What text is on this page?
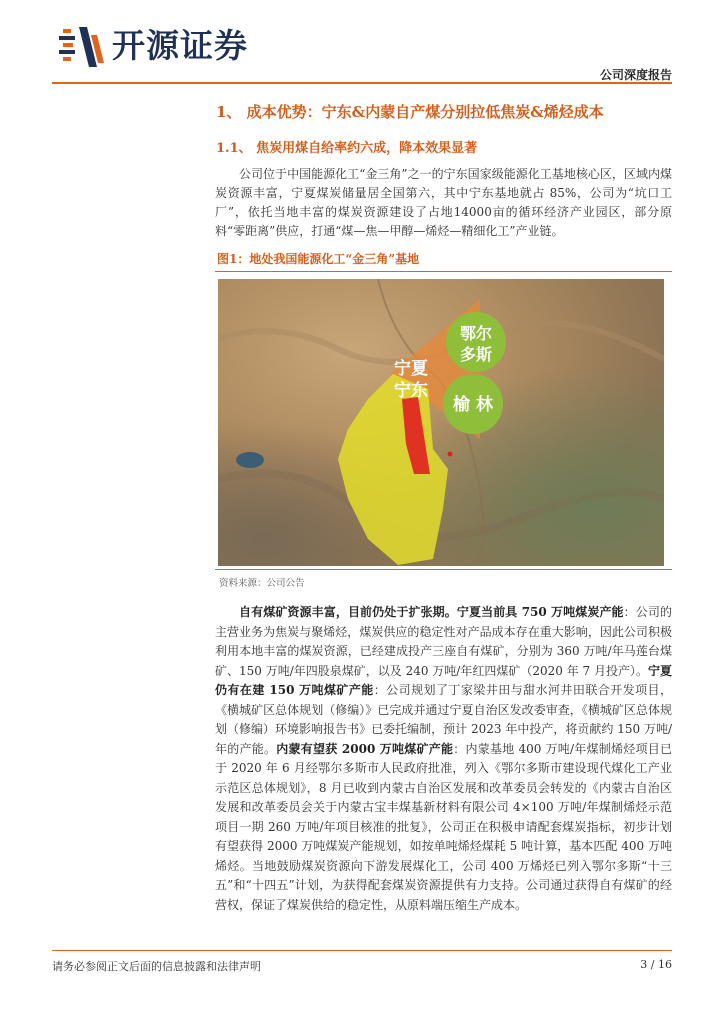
开源证券
公司深度报告
1、 成本优势：宁东&内蒙自产煤分别拉低焦炭&烯烃成本
1.1、 焦炭用煤自给率约六成，降本效果显著
公司位于中国能源化工“金三角”之一的宁东国家级能源化工基地核心区，区域内煤炭资源丰富，宁夏煤炭储量居全国第六，其中宁东基地就占 85%，公司为“坑口工厂”，依托当地丰富的煤炭资源建设了占地14000亩的循环经济产业园区，部分原料“零距离”供应，打通“煤—焦—甲醇—烯烃—精细化工”产业链。
图1：地处我国能源化工“金三角”基地
鄂尔
多斯
宁夏
宁东
榆 林
资料来源：公司公告
自有煤矿资源丰富，目前仍处于扩张期。宁夏当前具 750 万吨煤炭产能：公司的主营业务为焦炭与聚烯烃，煤炭供应的稳定性对产品成本存在重大影响，因此公司积极利用本地丰富的煤炭资源，已经建成投产三座自有煤矿，分别为 360 万吨/年马莲台煤矿、150 万吨/年四股泉煤矿，以及 240 万吨/年红四煤矿（2020 年 7 月投产）。宁夏仍有在建 150 万吨煤矿产能：公司规划了丁家梁井田与甜水河井田联合开发项目，《横城矿区总体规划（修编）》已完成并通过宁夏自治区发改委审查，《横城矿区总体规划（修编）环境影响报告书》已委托编制，预计 2023 年中投产，将贡献约 150 万吨/年的产能。内蒙有望获 2000 万吨煤矿产能：内蒙基地 400 万吨/年煤制烯烃项目已于 2020 年 6 月经鄂尔多斯市人民政府批准，列入《鄂尔多斯市建设现代煤化工产业示范区总体规划》，8 月已收到内蒙古自治区发展和改革委员会转发的《内蒙古自治区发展和改革委员会关于内蒙古宝丰煤基新材料有限公司 4×100 万吨/年煤制烯烃示范项目一期 260 万吨/年项目核准的批复》，公司正在积极申请配套煤炭指标，初步计划有望获得 2000 万吨煤炭产能规划，如按单吨烯烃煤耗 5 吨计算，基本匹配 400 万吨烯烃。当地鼓励煤炭资源向下游发展煤化工，公司 400 万烯烃已列入鄂尔多斯“十三五”和“十四五”计划，为获得配套煤炭资源提供有力支持。公司通过获得自有煤矿的经营权，保证了煤炭供给的稳定性，从原料端压缩生产成本。
请务必参阅正文后面的信息披露和法律声明	3 / 16
